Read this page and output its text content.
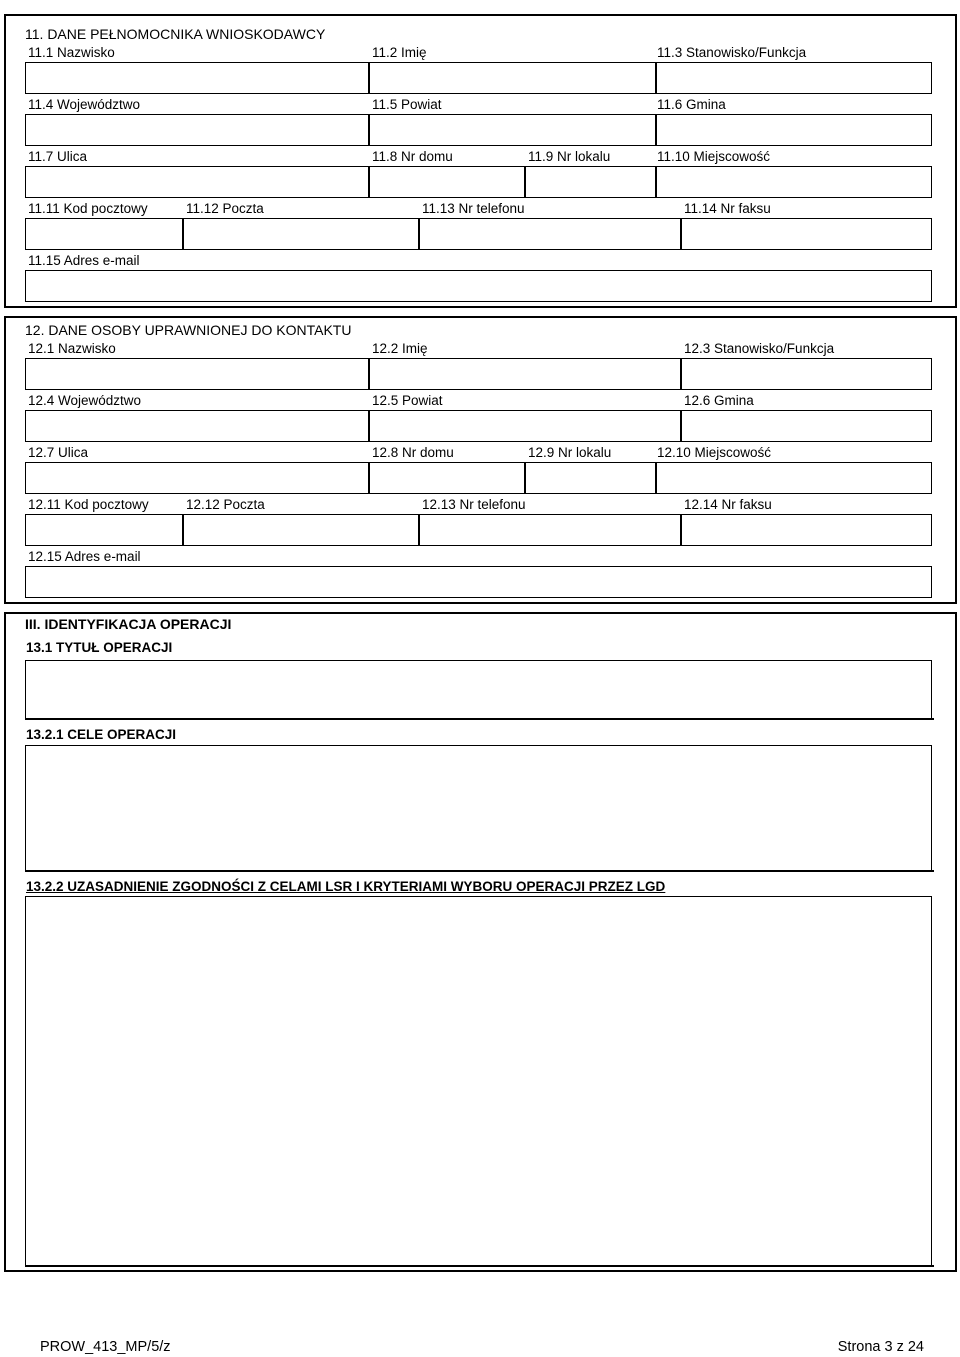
11. DANE PEŁNOMOCNIKA WNIOSKODAWCY
11.1 Nazwisko	11.2 Imię	11.3 Stanowisko/Funkcja
11.4 Województwo	11.5 Powiat	11.6 Gmina
11.7 Ulica	11.8 Nr domu	11.9 Nr lokalu	11.10 Miejscowość
11.11 Kod pocztowy	11.12 Poczta	11.13 Nr telefonu	11.14 Nr faksu
11.15 Adres e-mail
12. DANE OSOBY UPRAWNIONEJ DO KONTAKTU
12.1 Nazwisko	12.2 Imię	12.3 Stanowisko/Funkcja
12.4 Województwo	12.5 Powiat	12.6 Gmina
12.7 Ulica	12.8 Nr domu	12.9 Nr lokalu	12.10 Miejscowość
12.11 Kod pocztowy	12.12 Poczta	12.13 Nr telefonu	12.14 Nr faksu
12.15 Adres e-mail
III. IDENTYFIKACJA OPERACJI
13.1 TYTUŁ OPERACJI
13.2.1 CELE OPERACJI
13.2.2 UZASADNIENIE ZGODNOŚCI Z CELAMI LSR I KRYTERIAMI WYBORU OPERACJI PRZEZ LGD
PROW_413_MP/5/z	Strona 3 z 24
